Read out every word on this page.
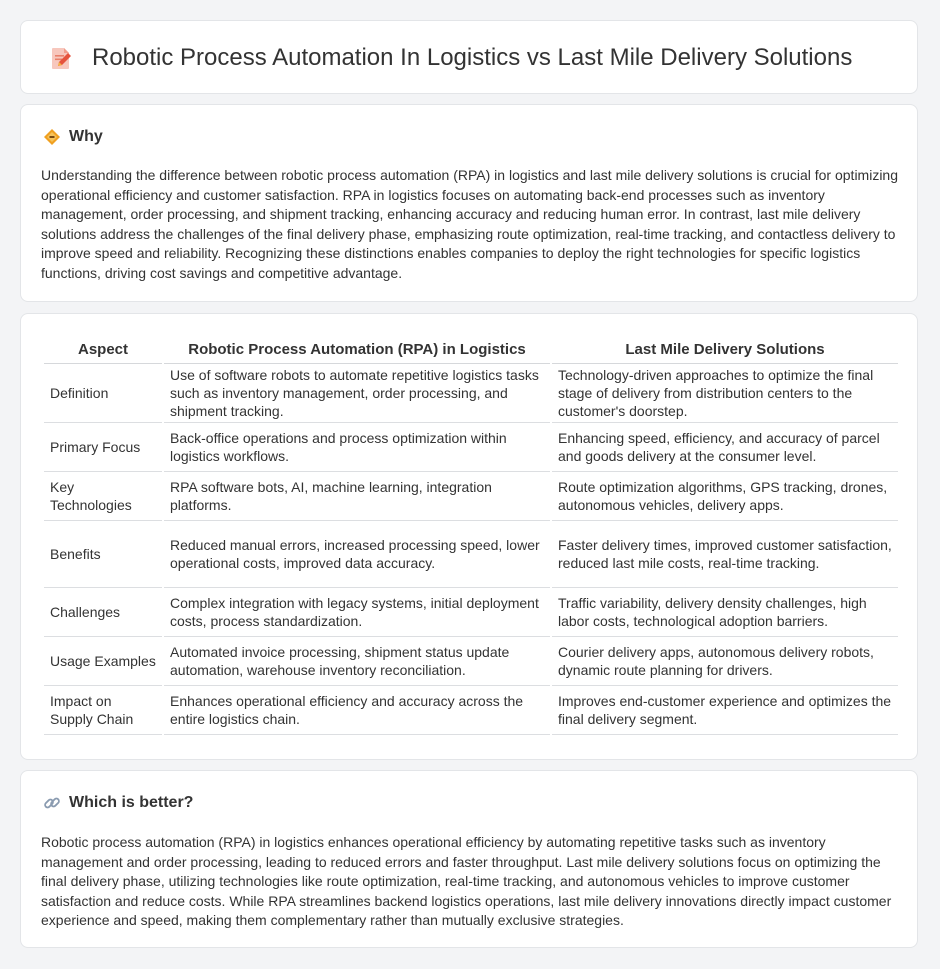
Robotic Process Automation In Logistics vs Last Mile Delivery Solutions
Why

Understanding the difference between robotic process automation (RPA) in logistics and last mile delivery solutions is crucial for optimizing operational efficiency and customer satisfaction. RPA in logistics focuses on automating back-end processes such as inventory management, order processing, and shipment tracking, enhancing accuracy and reducing human error. In contrast, last mile delivery solutions address the challenges of the final delivery phase, emphasizing route optimization, real-time tracking, and contactless delivery to improve speed and reliability. Recognizing these distinctions enables companies to deploy the right technologies for specific logistics functions, driving cost savings and competitive advantage.

Aspect	Robotic Process Automation (RPA) in Logistics	Last Mile Delivery Solutions
Definition	Use of software robots to automate repetitive logistics tasks such as inventory management, order processing, and shipment tracking.	Technology-driven approaches to optimize the final stage of delivery from distribution centers to the customer's doorstep.
Primary Focus	Back-office operations and process optimization within logistics workflows.	Enhancing speed, efficiency, and accuracy of parcel and goods delivery at the consumer level.
Key Technologies	RPA software bots, AI, machine learning, integration platforms.	Route optimization algorithms, GPS tracking, drones, autonomous vehicles, delivery apps.
Benefits	Reduced manual errors, increased processing speed, lower operational costs, improved data accuracy.	Faster delivery times, improved customer satisfaction, reduced last mile costs, real-time tracking.
Challenges	Complex integration with legacy systems, initial deployment costs, process standardization.	Traffic variability, delivery density challenges, high labor costs, technological adoption barriers.
Usage Examples	Automated invoice processing, shipment status update automation, warehouse inventory reconciliation.	Courier delivery apps, autonomous delivery robots, dynamic route planning for drivers.
Impact on Supply Chain	Enhances operational efficiency and accuracy across the entire logistics chain.	Improves end-customer experience and optimizes the final delivery segment.
Which is better?

Robotic process automation (RPA) in logistics enhances operational efficiency by automating repetitive tasks such as inventory management and order processing, leading to reduced errors and faster throughput. Last mile delivery solutions focus on optimizing the final delivery phase, utilizing technologies like route optimization, real-time tracking, and autonomous vehicles to improve customer satisfaction and reduce costs. While RPA streamlines backend logistics operations, last mile delivery innovations directly impact customer experience and speed, making them complementary rather than mutually exclusive strategies.
